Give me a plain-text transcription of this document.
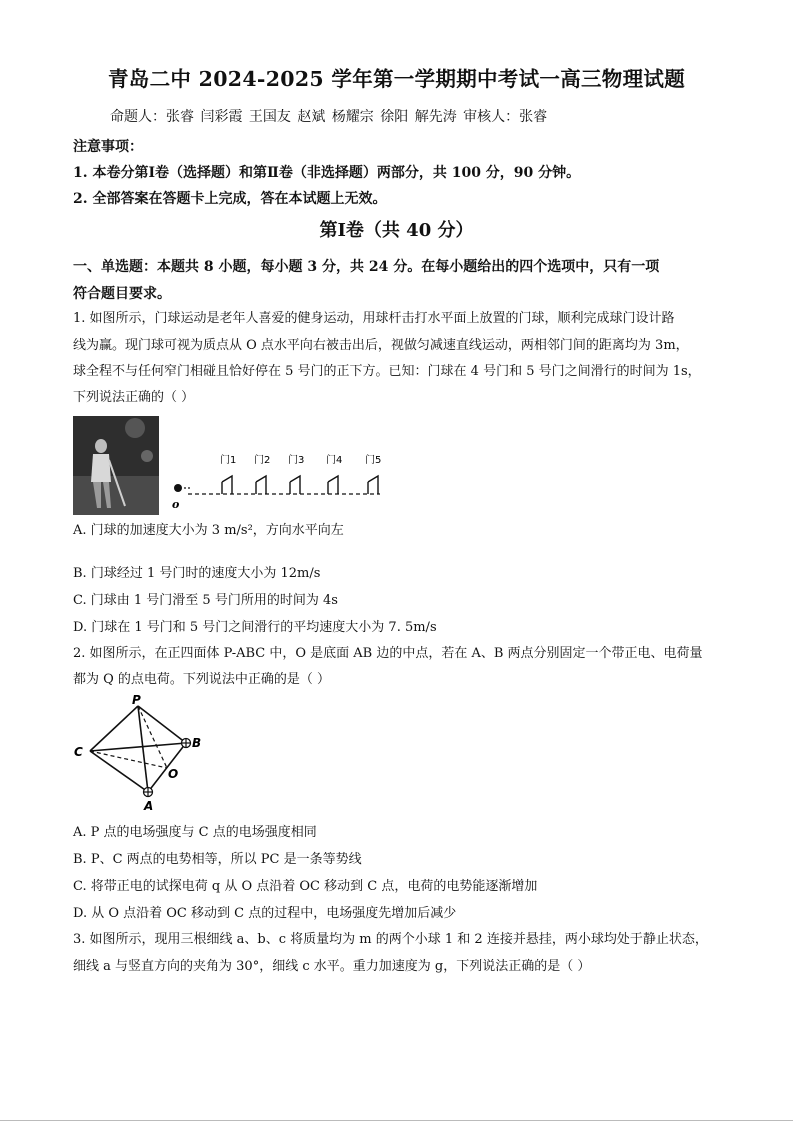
青岛二中 2024-2025 学年第一学期期中考试一高三物理试题
命题人：张睿 闫彩霞 王国友 赵斌 杨耀宗 徐阳 解先涛 审核人：张睿
注意事项：
1. 本卷分第Ⅰ卷（选择题）和第Ⅱ卷（非选择题）两部分，共 100 分，90 分钟。
2. 全部答案在答题卡上完成，答在本试题上无效。
第Ⅰ卷（共 40 分）
一、单选题：本题共 8 小题，每小题 3 分，共 24 分。在每小题给出的四个选项中，只有一项
符合题目要求。
1. 如图所示，门球运动是老年人喜爱的健身运动，用球杆击打水平面上放置的门球，顺利完成球门设计路
线为赢。现门球可视为质点从 O 点水平向右被击出后，视做匀减速直线运动，两相邻门间的距离均为 3m，
球全程不与任何窄门相碰且恰好停在 5 号门的正下方。已知：门球在 4 号门和 5 号门之间滑行的时间为 1s，
下列说法正确的（ ）
门1 门2 门3 门4 门5
o
A. 门球的加速度大小为 3 m/s²，方向水平向左
B. 门球经过 1 号门时的速度大小为 12m/s
C. 门球由 1 号门滑至 5 号门所用的时间为 4s
D. 门球在 1 号门和 5 号门之间滑行的平均速度大小为 7. 5m/s
2. 如图所示，在正四面体 P-ABC 中，O 是底面 AB 边的中点，若在 A、B 两点分别固定一个带正电、电荷量
都为 Q 的点电荷。下列说法中正确的是（ ）
P
C
B
O
A
A. P 点的电场强度与 C 点的电场强度相同
B. P、C 两点的电势相等，所以 PC 是一条等势线
C. 将带正电的试探电荷 q 从 O 点沿着 OC 移动到 C 点，电荷的电势能逐渐增加
D. 从 O 点沿着 OC 移动到 C 点的过程中，电场强度先增加后减少
3. 如图所示，现用三根细线 a、b、c 将质量均为 m 的两个小球 1 和 2 连接并悬挂，两小球均处于静止状态，
细线 a 与竖直方向的夹角为 30°，细线 c 水平。重力加速度为 g，下列说法正确的是（ ）
